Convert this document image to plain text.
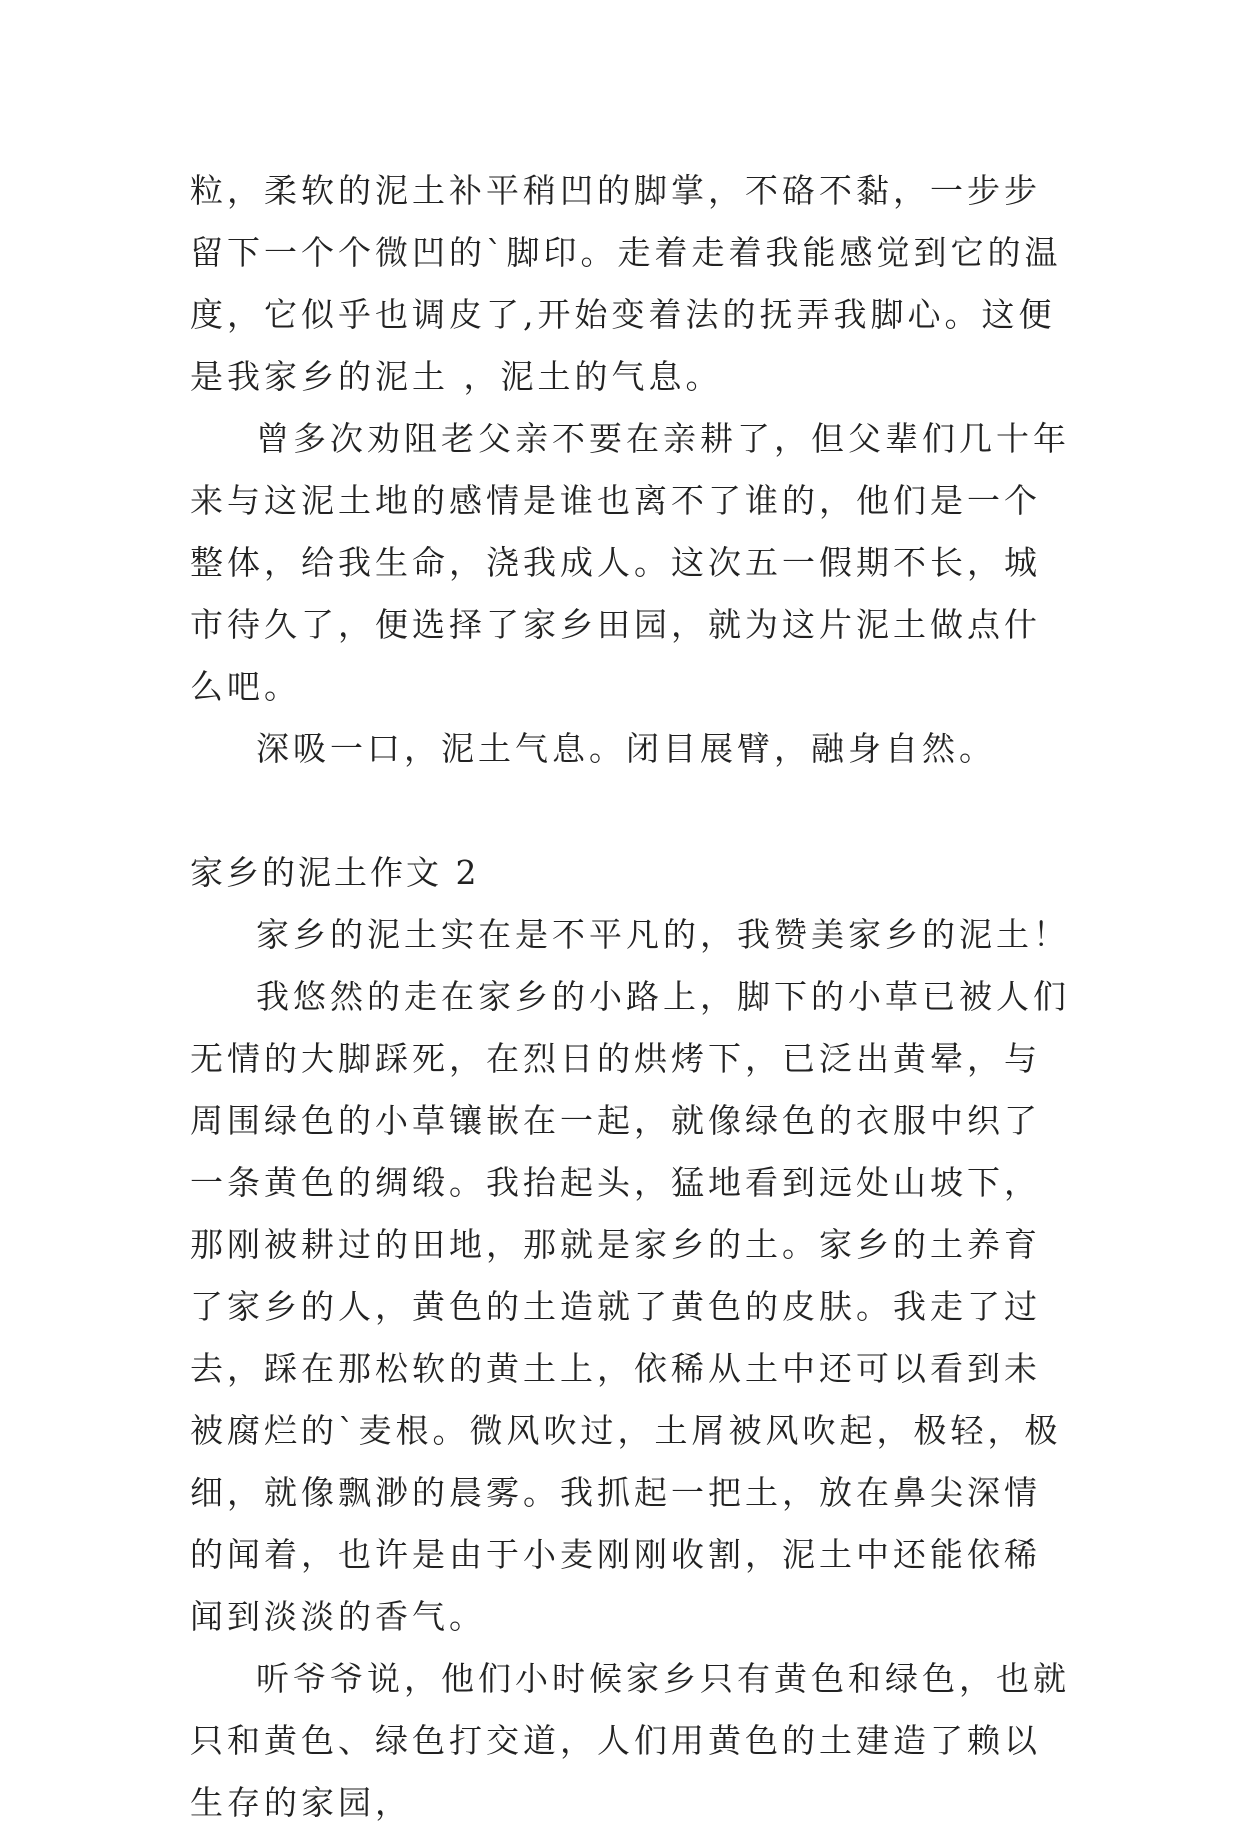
粒，柔软的泥土补平稍凹的脚掌，不硌不黏，一步步留下一个个微凹的`脚印。走着走着我能感觉到它的温度，它似乎也调皮了,开始变着法的抚弄我脚心。这便是我家乡的泥土 ，泥土的气息。

曾多次劝阻老父亲不要在亲耕了，但父辈们几十年来与这泥土地的感情是谁也离不了谁的，他们是一个整体，给我生命，浇我成人。这次五一假期不长，城市待久了，便选择了家乡田园，就为这片泥土做点什么吧。

深吸一口，泥土气息。闭目展臂，融身自然。

家乡的泥土作文 2

家乡的泥土实在是不平凡的，我赞美家乡的泥土！

我悠然的走在家乡的小路上，脚下的小草已被人们无情的大脚踩死，在烈日的烘烤下，已泛出黄晕，与周围绿色的小草镶嵌在一起，就像绿色的衣服中织了一条黄色的绸缎。我抬起头，猛地看到远处山坡下，那刚被耕过的田地，那就是家乡的土。家乡的土养育了家乡的人，黄色的土造就了黄色的皮肤。我走了过去，踩在那松软的黄土上，依稀从土中还可以看到未被腐烂的`麦根。微风吹过，土屑被风吹起，极轻，极细，就像飘渺的晨雾。我抓起一把土，放在鼻尖深情的闻着，也许是由于小麦刚刚收割，泥土中还能依稀闻到淡淡的香气。

听爷爷说，他们小时候家乡只有黄色和绿色，也就只和黄色、绿色打交道，人们用黄色的土建造了赖以生存的家园，
